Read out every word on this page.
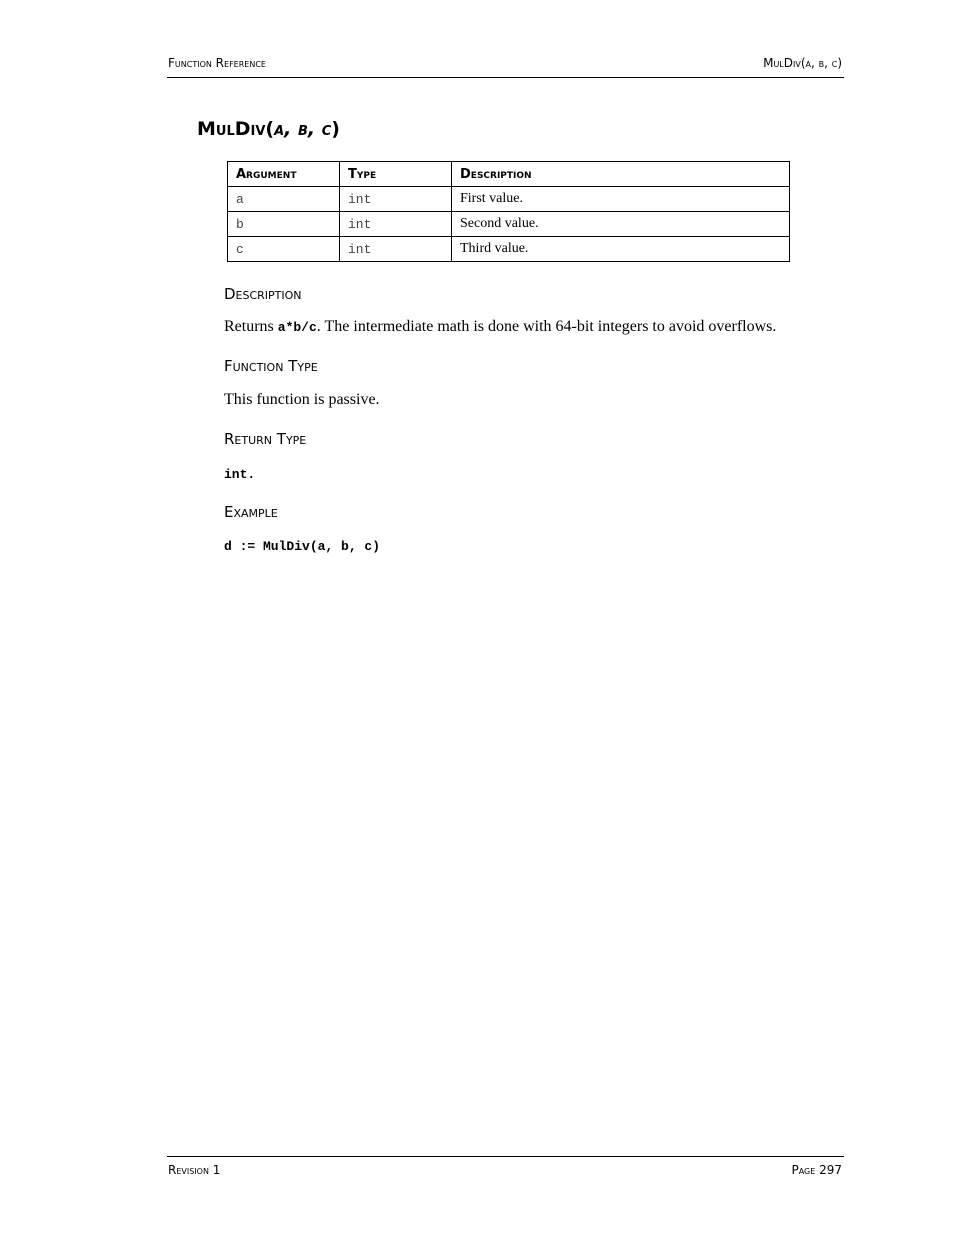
Function Reference	MulDiv(a, b, c)
MulDiv(a, b, c)
Argument	Type	Description
a	int	First value.
b	int	Second value.
c	int	Third value.
Description
Returns a*b/c. The intermediate math is done with 64-bit integers to avoid overflows.
Function Type
This function is passive.
Return Type
int.
Example
d := MulDiv(a, b, c)
Revision 1	Page 297
